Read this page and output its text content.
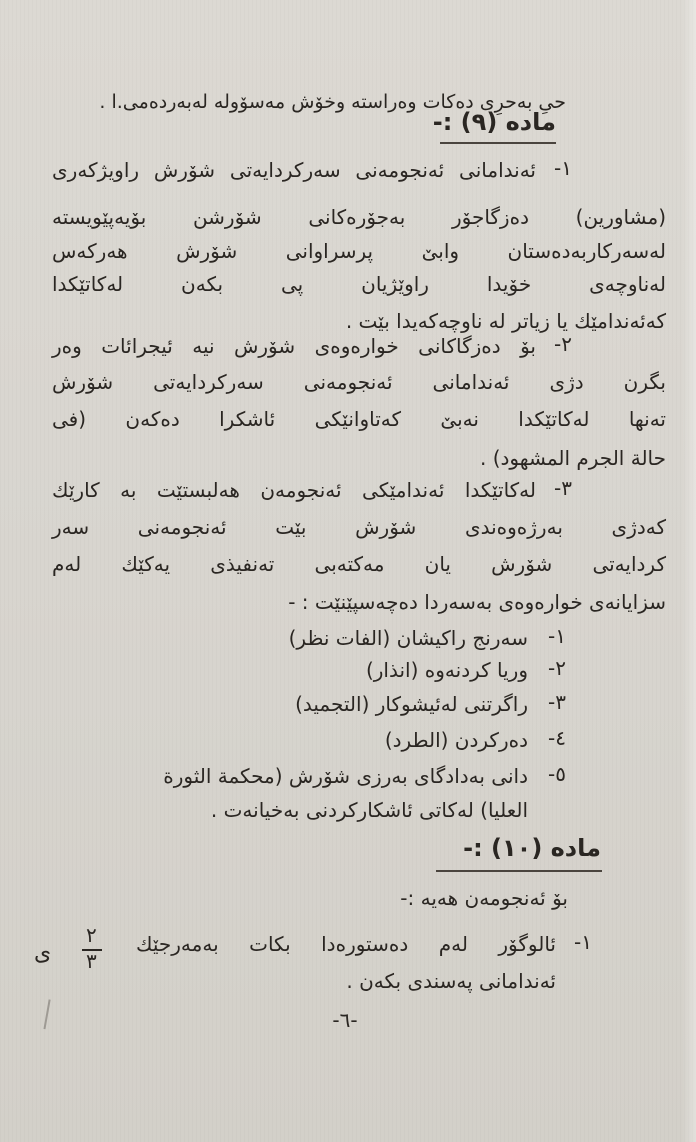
حیِ بەحرِی دەکات وەراستە وخۆش مەسۆولە لەبەردەمی.ا .
مادە (٩) :-
١-
ئەندامانی ئەنجومەنی سەرکردایەتی شۆرش راویژکەری
(مشاورین) دەزگاجۆر بەجۆرەکانی شۆرشن بۆیەپێویستە
لەسەرکاربەدەستان وابێ پرسراوانی شۆرش هەرکەس
لەناوچەی خۆیدا راوێژیان پی بکەن لەکاتێکدا
کەئەندامێك یا زیاتر لە ناوچەکەیدا بێت .
٢-
بۆ دەزگاکانی خوارەوەی شۆرش نیە ئیجرائات وەر
بگرن دژی ئەندامانی ئەنجومەنی سەرکردایەتی شۆرش
تەنها لەکاتێکدا نەبێ کەتاوانێکی ئاشکرا دەکەن (فی
حالة الجرم المشهود) .
٣-
لەکاتێکدا ئەندامێکی ئەنجومەن هەلبستێت بە کارێك
کەدژی بەرژەوەندی شۆرش بێت ئەنجومەنی سەر
کردایەتی شۆرش یان مەکتەبی تەنفیذی یەکێك لەم
سزایانەی خوارەوەی بەسەردا دەچەسپێنێت : -
١-
سەرنج راکیشان (الفات نظر)
٢-
وریا کردنەوە (انذار)
٣-
راگرتنی لەئیشوکار (التجمید)
٤-
دەرکردن (الطرد)
٥-
دانی بەدادگای بەرزی شۆرش (محکمة الثورة
العلیا) لەکاتی ئاشکارکردنی بەخیانەت .
مادە (١٠) :-
بۆ ئەنجومەن هەیە :-
١-
ئالوگۆر لەم دەستورەدا بکات بەمەرجێك
ی
٢
٣
ئەندامانی پەسندی بکەن .
-٦-
